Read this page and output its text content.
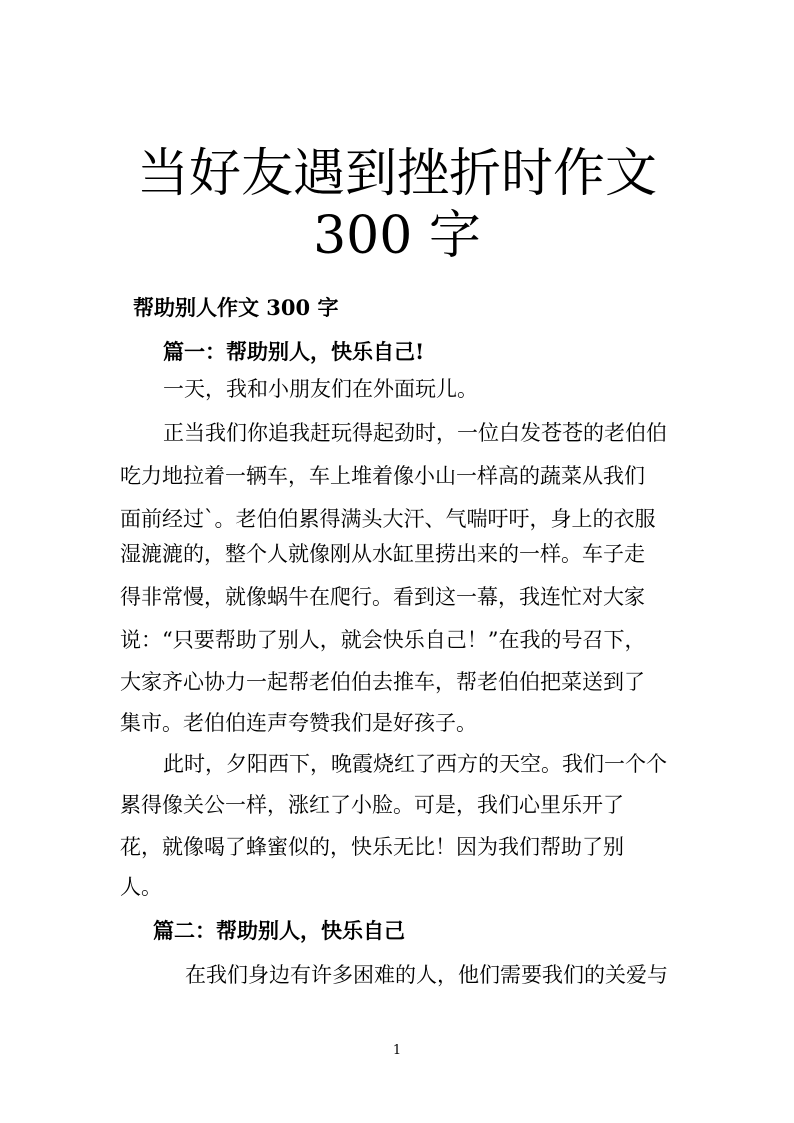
当好友遇到挫折时作文
300 字

帮助别人作文 300 字

篇一：帮助别人，快乐自己!

一天，我和小朋友们在外面玩儿。

正当我们你追我赶玩得起劲时，一位白发苍苍的老伯伯

吃力地拉着一辆车，车上堆着像小山一样高的蔬菜从我们

面前经过`。老伯伯累得满头大汗、气喘吁吁，身上的衣服

湿漉漉的，整个人就像刚从水缸里捞出来的一样。车子走

得非常慢，就像蜗牛在爬行。看到这一幕，我连忙对大家

说：“只要帮助了别人，就会快乐自己！”在我的号召下，

大家齐心协力一起帮老伯伯去推车，帮老伯伯把菜送到了

集市。老伯伯连声夸赞我们是好孩子。

此时，夕阳西下，晚霞烧红了西方的天空。我们一个个

累得像关公一样，涨红了小脸。可是，我们心里乐开了

花，就像喝了蜂蜜似的，快乐无比！因为我们帮助了别

人。

篇二：帮助别人，快乐自己

在我们身边有许多困难的人，他们需要我们的关爱与

1
